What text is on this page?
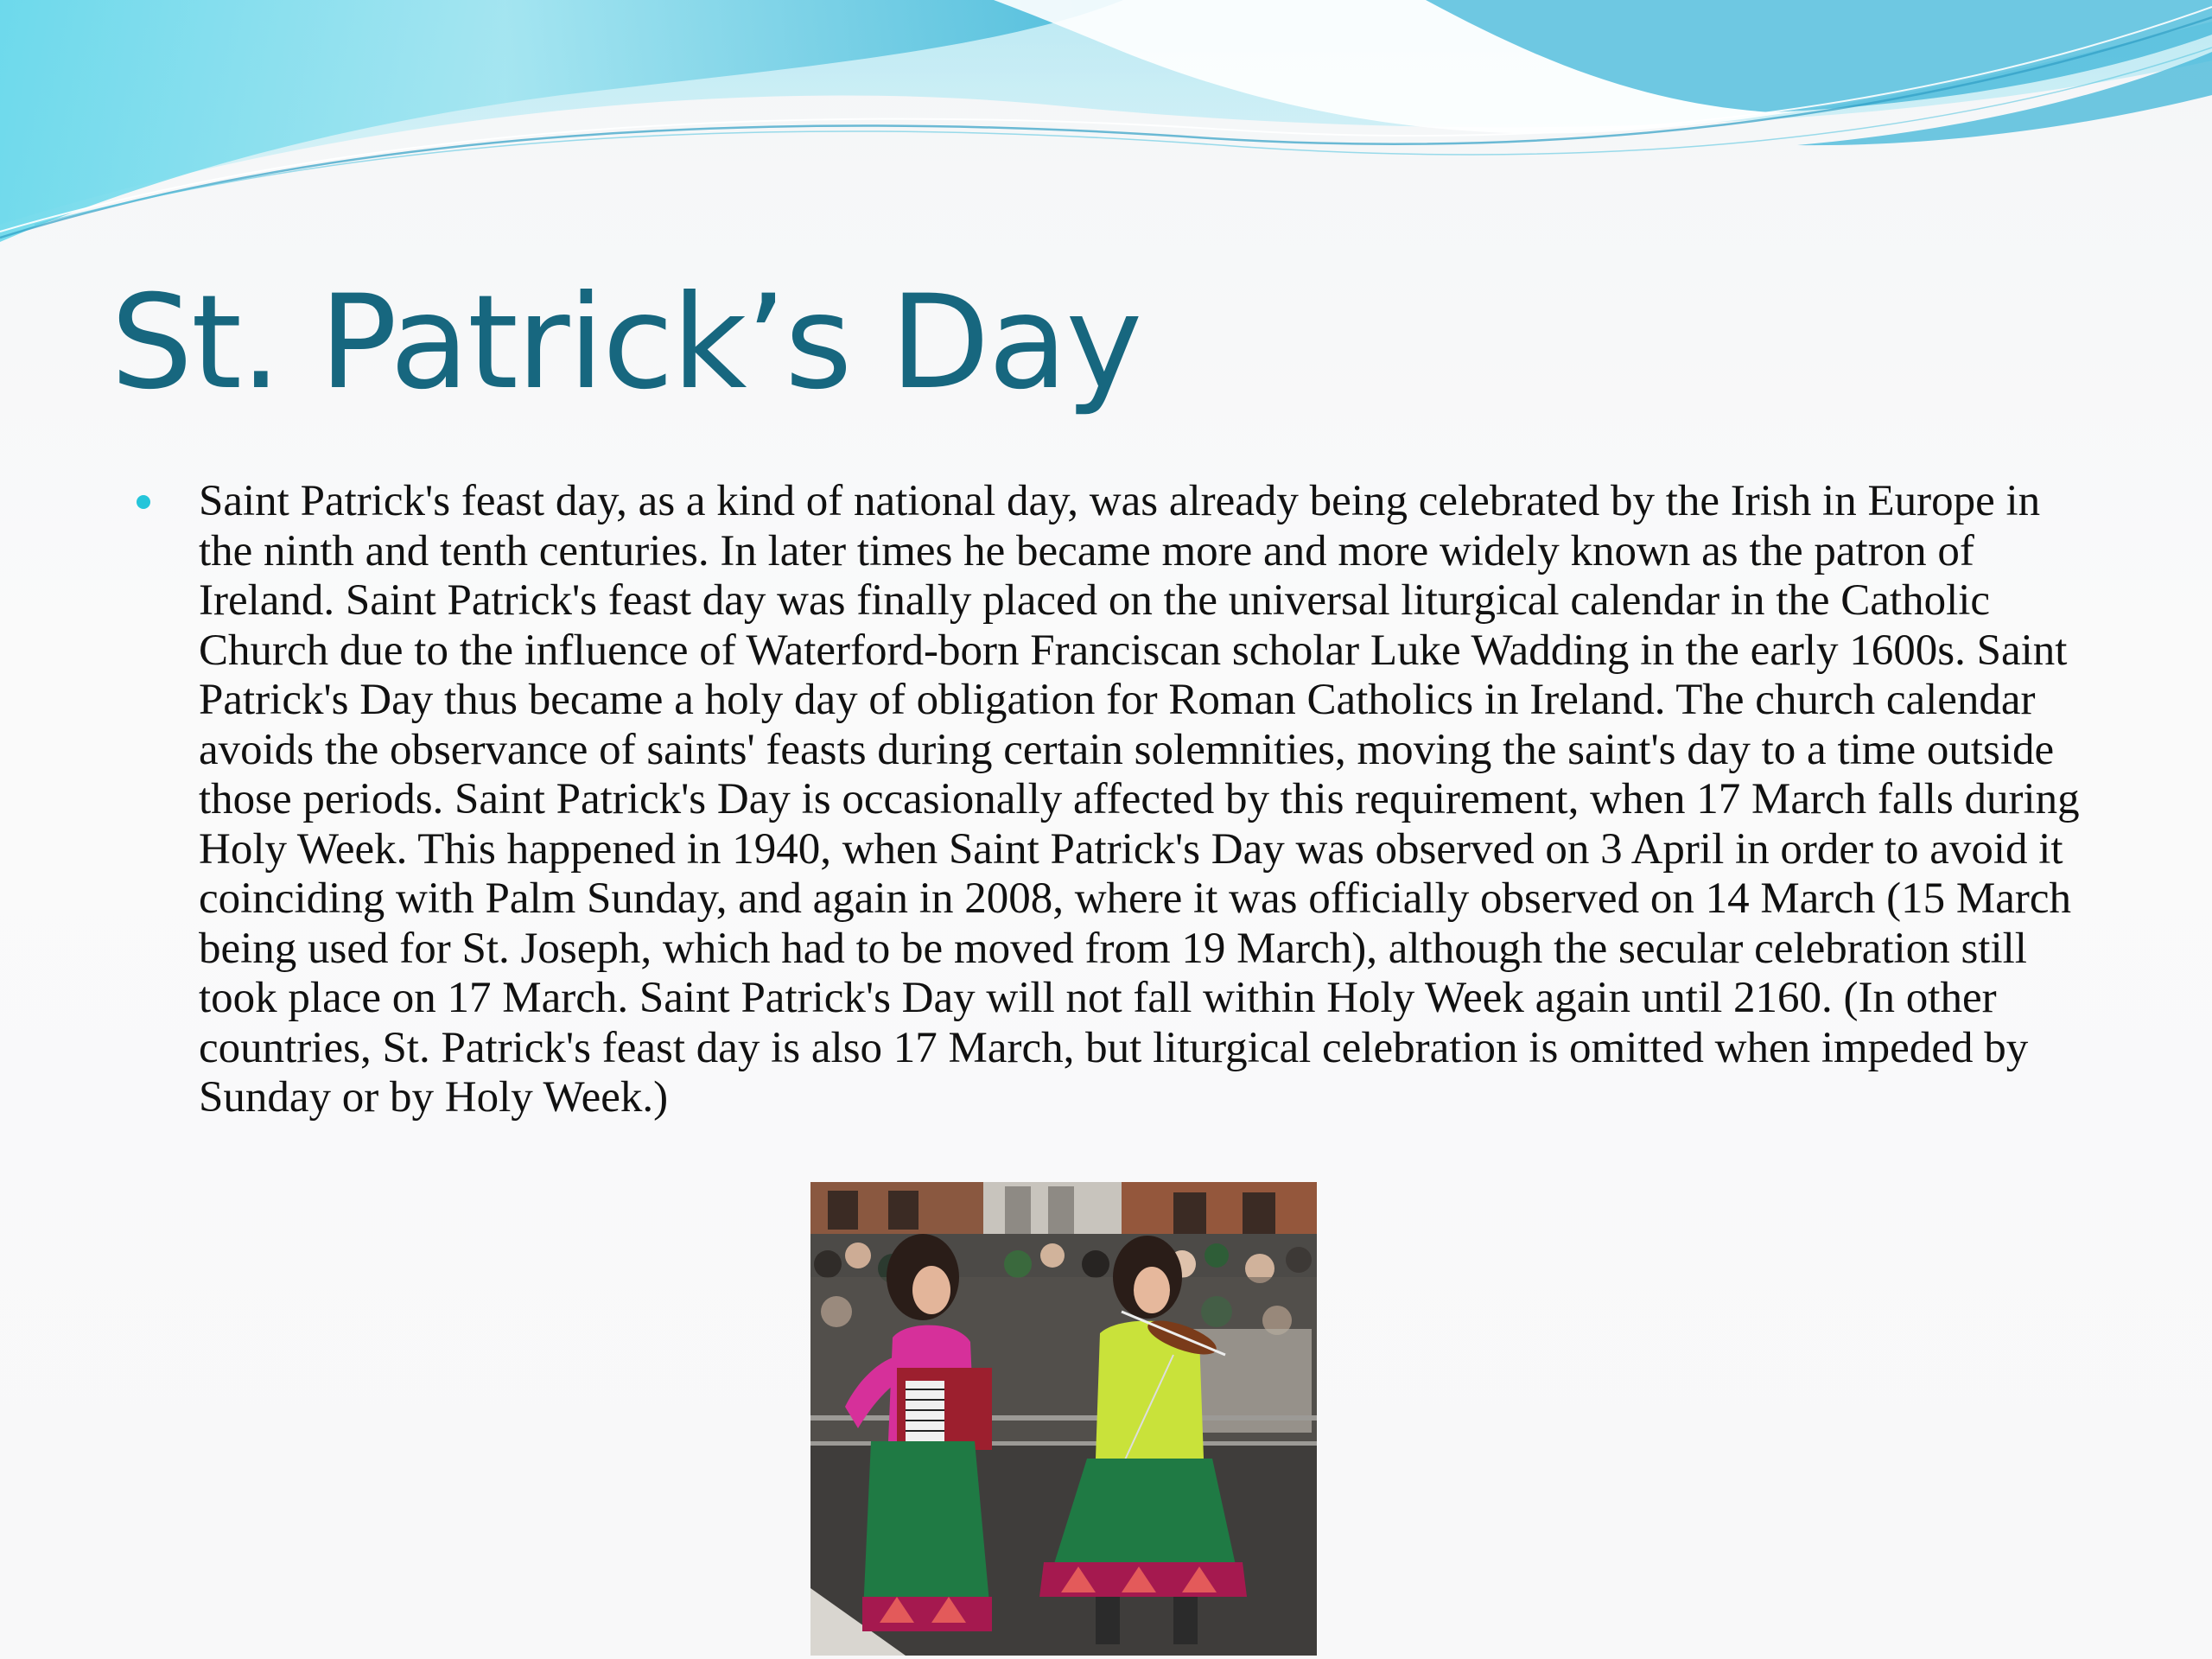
St. Patrick’s Day

Saint Patrick's feast day, as a kind of national day, was already being celebrated by the Irish in Europe in the ninth and tenth centuries. In later times he became more and more widely known as the patron of Ireland. Saint Patrick's feast day was finally placed on the universal liturgical calendar in the Catholic Church due to the influence of Waterford-born Franciscan scholar Luke Wadding in the early 1600s. Saint Patrick's Day thus became a holy day of obligation for Roman Catholics in Ireland. The church calendar avoids the observance of saints' feasts during certain solemnities, moving the saint's day to a time outside those periods. Saint Patrick's Day is occasionally affected by this requirement, when 17 March falls during Holy Week. This happened in 1940, when Saint Patrick's Day was observed on 3 April in order to avoid it coinciding with Palm Sunday, and again in 2008, where it was officially observed on 14 March (15 March being used for St. Joseph, which had to be moved from 19 March), although the secular celebration still took place on 17 March. Saint Patrick's Day will not fall within Holy Week again until 2160. (In other countries, St. Patrick's feast day is also 17 March, but liturgical celebration is omitted when impeded by Sunday or by Holy Week.)
